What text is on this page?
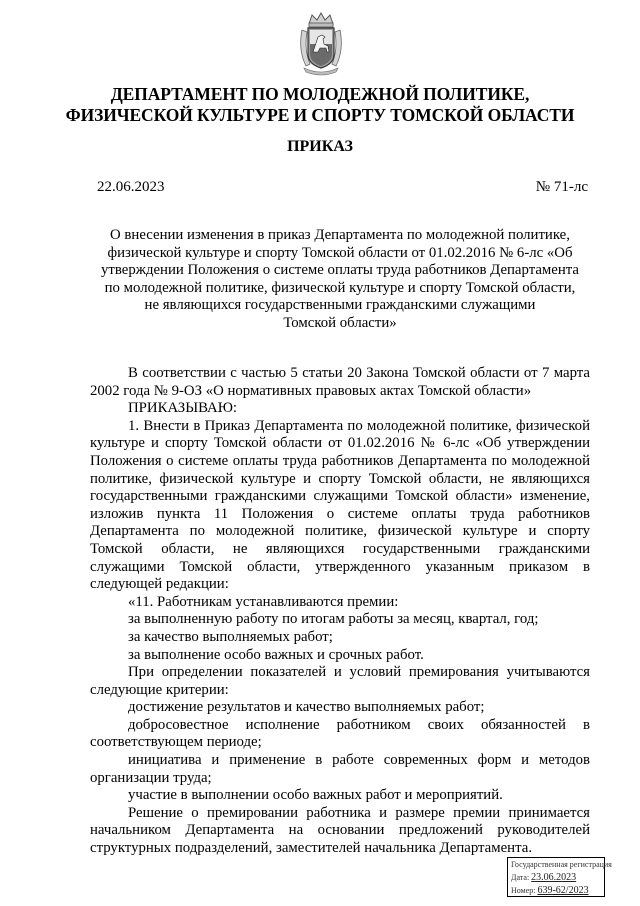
ДЕПАРТАМЕНТ ПО МОЛОДЕЖНОЙ ПОЛИТИКЕ,
ФИЗИЧЕСКОЙ КУЛЬТУРЕ И СПОРТУ ТОМСКОЙ ОБЛАСТИ
ПРИКАЗ
22.06.2023	№ 71-лс
О внесении изменения в приказ Департамента по молодежной политике,
физической культуре и спорту Томской области от 01.02.2016 № 6-лс «Об
утверждении Положения о системе оплаты труда работников Департамента
по молодежной политике, физической культуре и спорту Томской области,
не являющихся государственными гражданскими служащими
Томской области»

В соответствии с частью 5 статьи 20 Закона Томской области от 7 марта 2002 года № 9-ОЗ «О нормативных правовых актах Томской области»

ПРИКАЗЫВАЮ:

1. Внести в Приказ Департамента по молодежной политике, физической культуре и спорту Томской области от 01.02.2016 № 6-лс «Об утверждении Положения о системе оплаты труда работников Департамента по молодежной политике, физической культуре и спорту Томской области, не являющихся государственными гражданскими служащими Томской области» изменение, изложив пункта 11 Положения о системе оплаты труда работников Департамента по молодежной политике, физической культуре и спорту Томской области, не являющихся государственными гражданскими служащими Томской области, утвержденного указанным приказом в следующей редакции:

«11. Работникам устанавливаются премии:

за выполненную работу по итогам работы за месяц, квартал, год;

за качество выполняемых работ;

за выполнение особо важных и срочных работ.

При определении показателей и условий премирования учитываются следующие критерии:

достижение результатов и качество выполняемых работ;

добросовестное исполнение работником своих обязанностей в соответствующем периоде;

инициатива и применение в работе современных форм и методов организации труда;

участие в выполнении особо важных работ и мероприятий.

Решение о премировании работника и размере премии принимается начальником Департамента на основании предложений руководителей структурных подразделений, заместителей начальника Департамента.

Государственная регистрация
Дата: 23.06.2023
Номер: 639-62/2023
